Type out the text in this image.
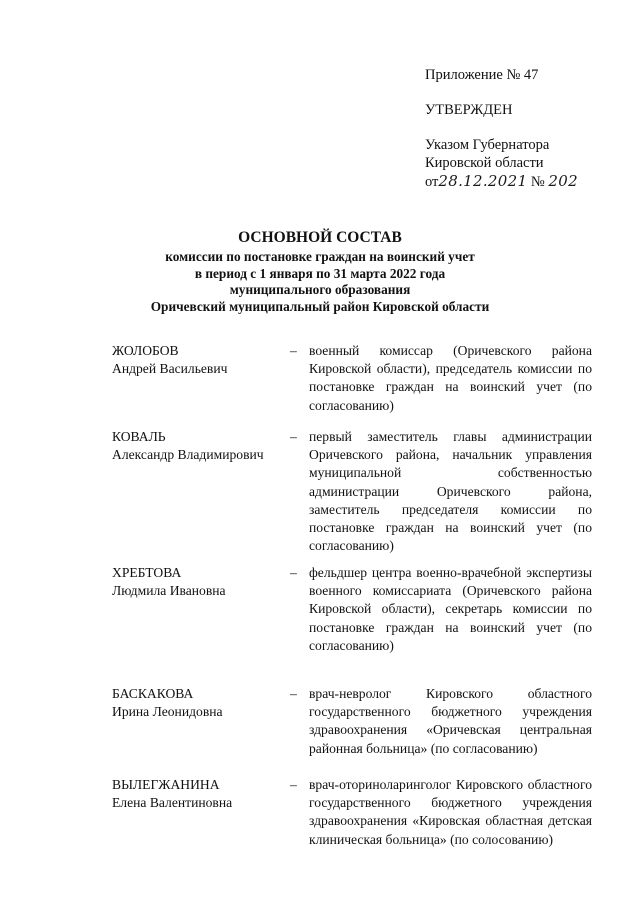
Приложение № 47
УТВЕРЖДЕН
Указом Губернатора
Кировской области
от28.12.2021 № 202
ОСНОВНОЙ СОСТАВ
комиссии по постановке граждан на воинский учет
в период с 1 января по 31 марта 2022 года
муниципального образования
Оричевский муниципальный район Кировской области
ЖОЛОБОВ
Андрей Васильевич
– военный комиссар (Оричевского района Кировской области), председатель комиссии по постановке граждан на воинский учет (по согласованию)
КОВАЛЬ
Александр Владимирович
– первый заместитель главы администрации Оричевского района, начальник управления муниципальной собственностью администрации Оричевского района, заместитель председателя комиссии по постановке граждан на воинский учет (по согласованию)
ХРЕБТОВА
Людмила Ивановна
– фельдшер центра военно-врачебной экспертизы военного комиссариата (Оричевского района Кировской области), секретарь комиссии по постановке граждан на воинский учет (по согласованию)
БАСКАКОВА
Ирина Леонидовна
– врач-невролог Кировского областного государственного бюджетного учреждения здравоохранения «Оричевская центральная районная больница» (по согласованию)
ВЫЛЕГЖАНИНА
Елена Валентиновна
– врач-оториноларинголог Кировского областного государственного бюджетного учреждения здравоохранения «Кировская областная детская клиническая больница» (по солосованию)
